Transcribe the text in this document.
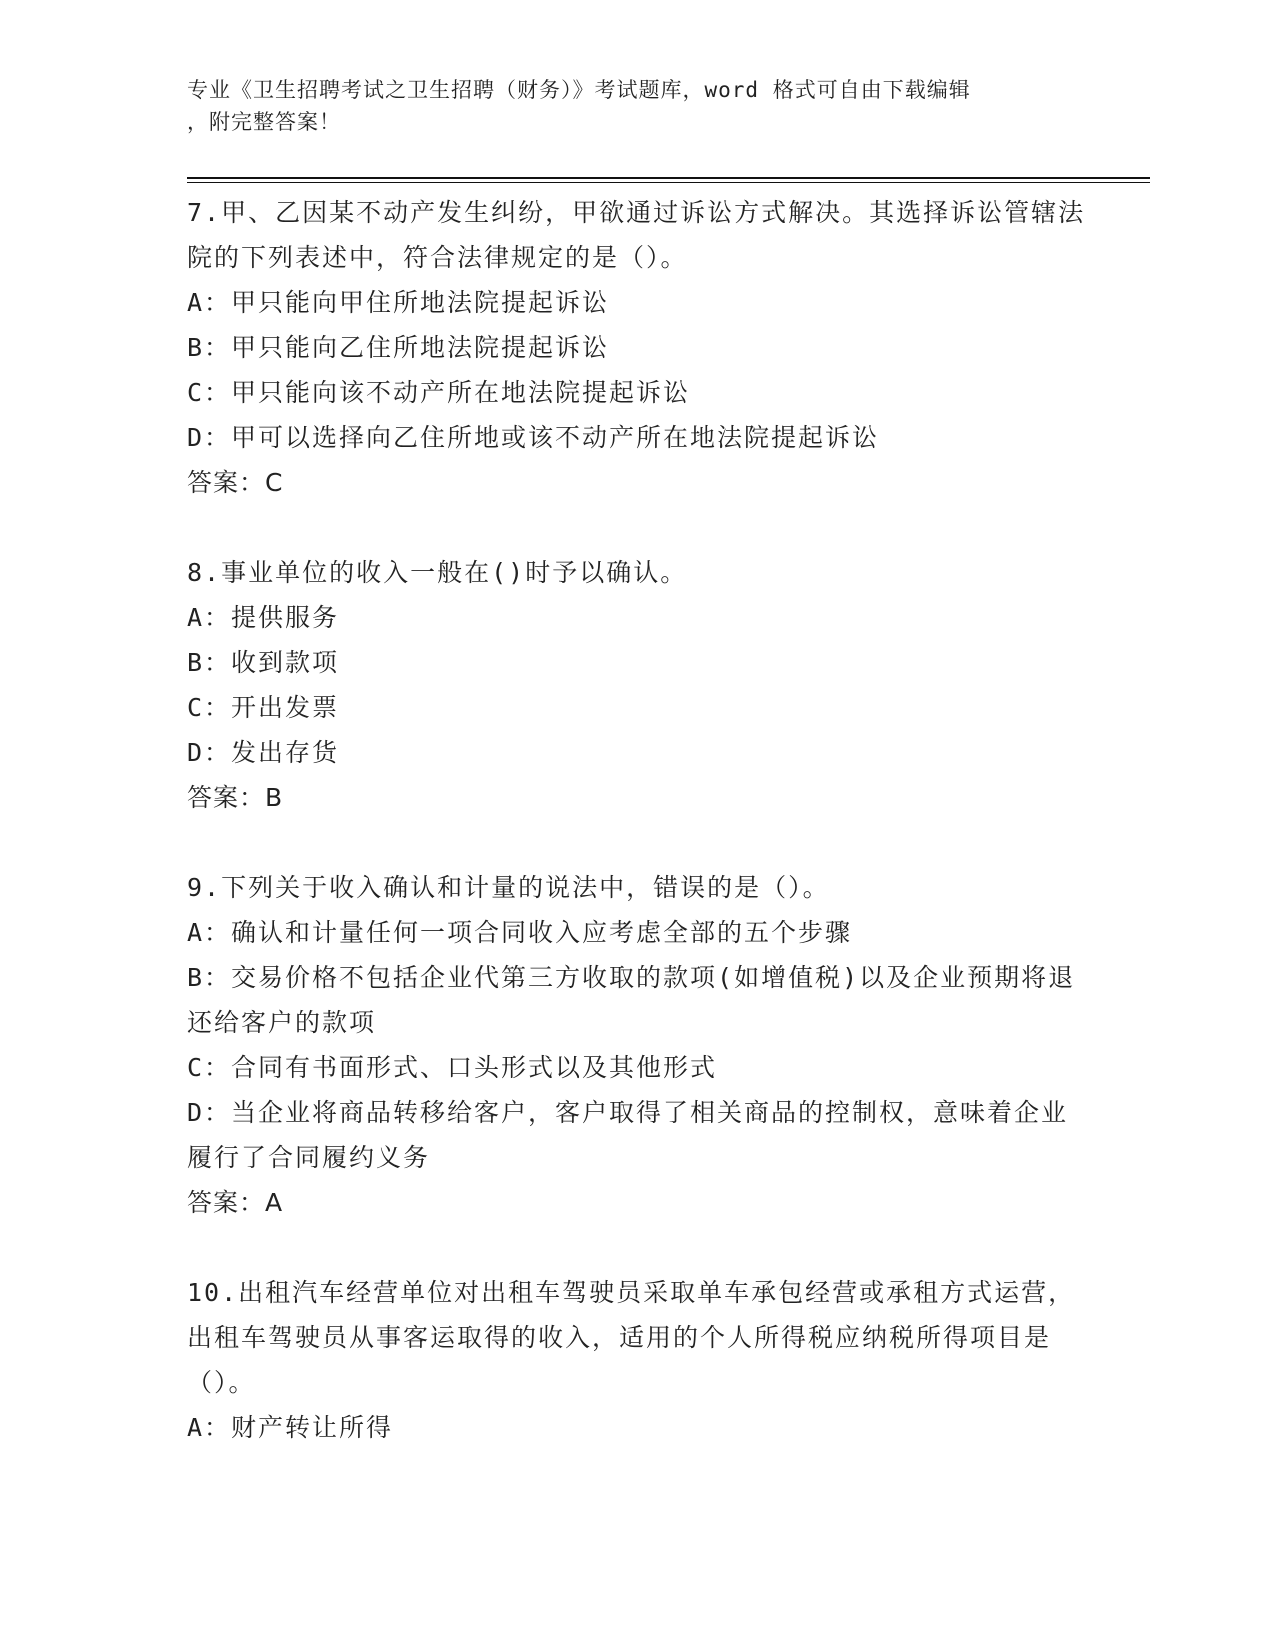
专业《卫生招聘考试之卫生招聘（财务）》考试题库，word 格式可自由下载编辑
，附完整答案！

7.甲、乙因某不动产发生纠纷，甲欲通过诉讼方式解决。其选择诉讼管辖法院的下列表述中，符合法律规定的是（）。

A：甲只能向甲住所地法院提起诉讼

B：甲只能向乙住所地法院提起诉讼

C：甲只能向该不动产所在地法院提起诉讼

D：甲可以选择向乙住所地或该不动产所在地法院提起诉讼

答案：C

8.事业单位的收入一般在()时予以确认。

A：提供服务

B：收到款项

C：开出发票

D：发出存货

答案：B

9.下列关于收入确认和计量的说法中，错误的是（）。

A：确认和计量任何一项合同收入应考虑全部的五个步骤

B：交易价格不包括企业代第三方收取的款项(如增值税)以及企业预期将退还给客户的款项

C：合同有书面形式、口头形式以及其他形式

D：当企业将商品转移给客户，客户取得了相关商品的控制权，意味着企业履行了合同履约义务

答案：A

10.出租汽车经营单位对出租车驾驶员采取单车承包经营或承租方式运营，出租车驾驶员从事客运取得的收入，适用的个人所得税应纳税所得项目是（）。

A：财产转让所得
